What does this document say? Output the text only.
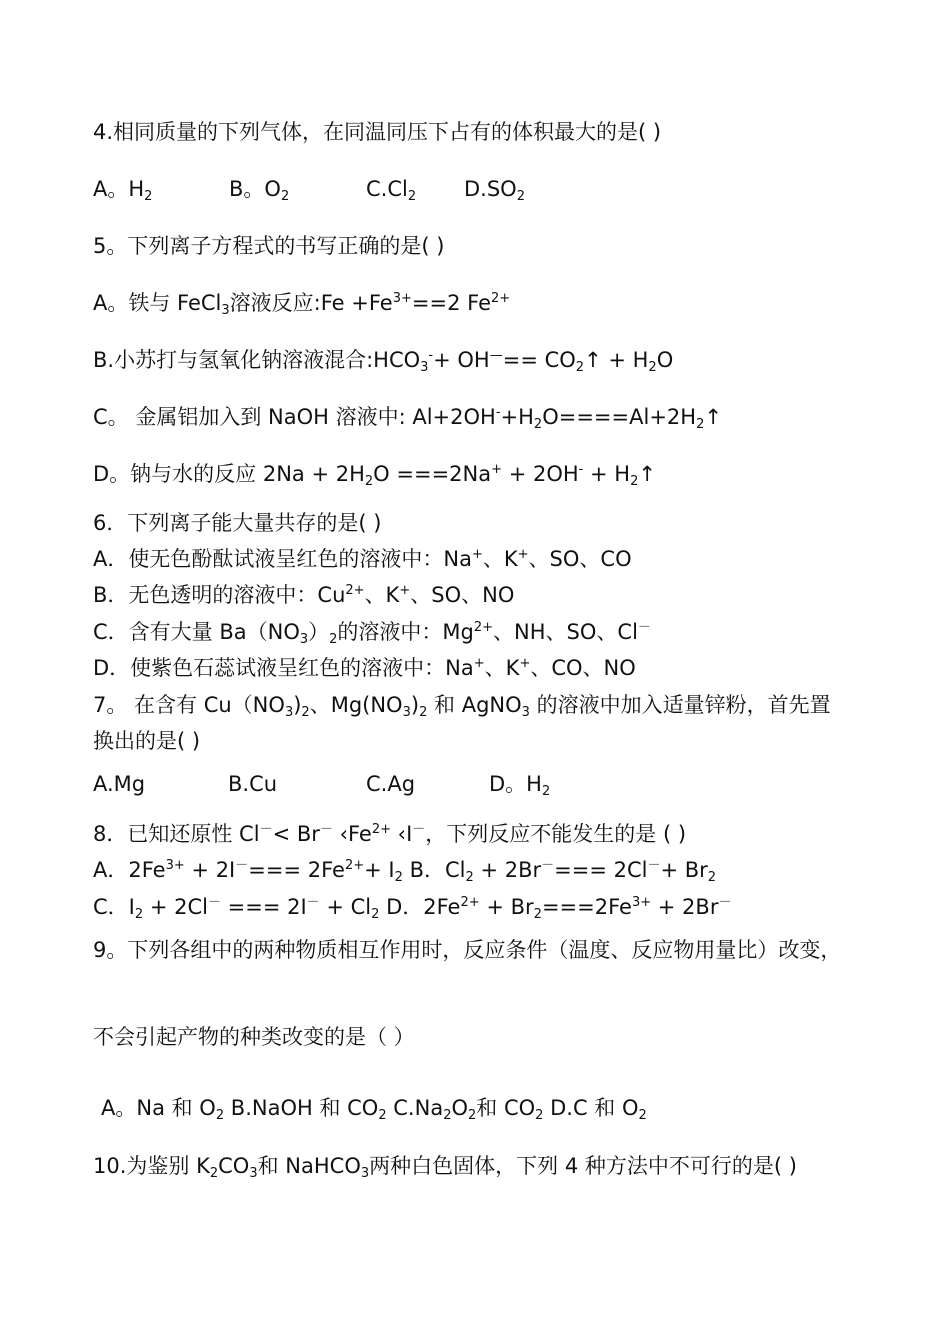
4.相同质量的下列气体，在同温同压下占有的体积最大的是( )
A。$H_2$	B。$O_2$	$C.Cl_2$ $D.SO_2$
5。下列离子方程式的书写正确的是( )
A。铁与 FeCl$_3$溶液反应:Fe $+Fe^{3+}==2$ $Fe^{2+}$
B.小苏打与氢氧化钠溶液混合$:HCO_3^-+ OH^—==$ $CO_2↑ + H_2O$
C。 金属铝加入到 NaOH 溶液中: $Al+2OH^-+H_2O====Al+2H_2↑$
D。钠与水的反应 $2Na + 2H_2O ===2Na^+ + 2OH^-$ + $H_2↑$
6．下列离子能大量共存的是( )
A．使无色酚酞试液呈红色的溶液中：Na+、K+、SO、CO
B．无色透明的溶液中：$Cu^{2+}$、K+、SO、NO
C．含有大量 $Ba(NO_3)_2$的溶液中：$Mg^{2+}$、NH、SO、Cl－
D．使紫色石蕊试液呈红色的溶液中：Na+、K+、CO、NO
7。 在含有 $Cu(NO_3)_2$、$Mg(NO_3)_2$ 和 AgNO$_3$ 的溶液中加入适量锌粉，首先置
换出的是( )
A.Mg	B.Cu	C.Ag	D。$H_2$
8．已知还原性 Cl－< Br－ $‹Fe^{2+}$ ‹I－，下列反应不能发生的是 ( )
A．$2Fe^{3+} + 2I^-=== 2Fe^{2+}+ I_2$ B．$Cl_2 + 2Br^-=== 2Cl^-+ Br_2$
C．$I_2 + 2Cl^-$ === $2I^- + Cl_2$ D．$2Fe^{2+} + Br_2===2Fe^{3+} + 2Br^-$
9。下列各组中的两种物质相互作用时，反应条件（温度、反应物用量比）改变，
不会引起产物的种类改变的是（ ）
A。Na 和 $O_2$ B.NaOH 和 $CO_2$ $C.Na_2O_2$和 $CO_2$ D.C 和 $O_2$
10.为鉴别 $K_2CO_3$和 NaHCO$_3$两种白色固体，下列 4 种方法中不可行的是( )
